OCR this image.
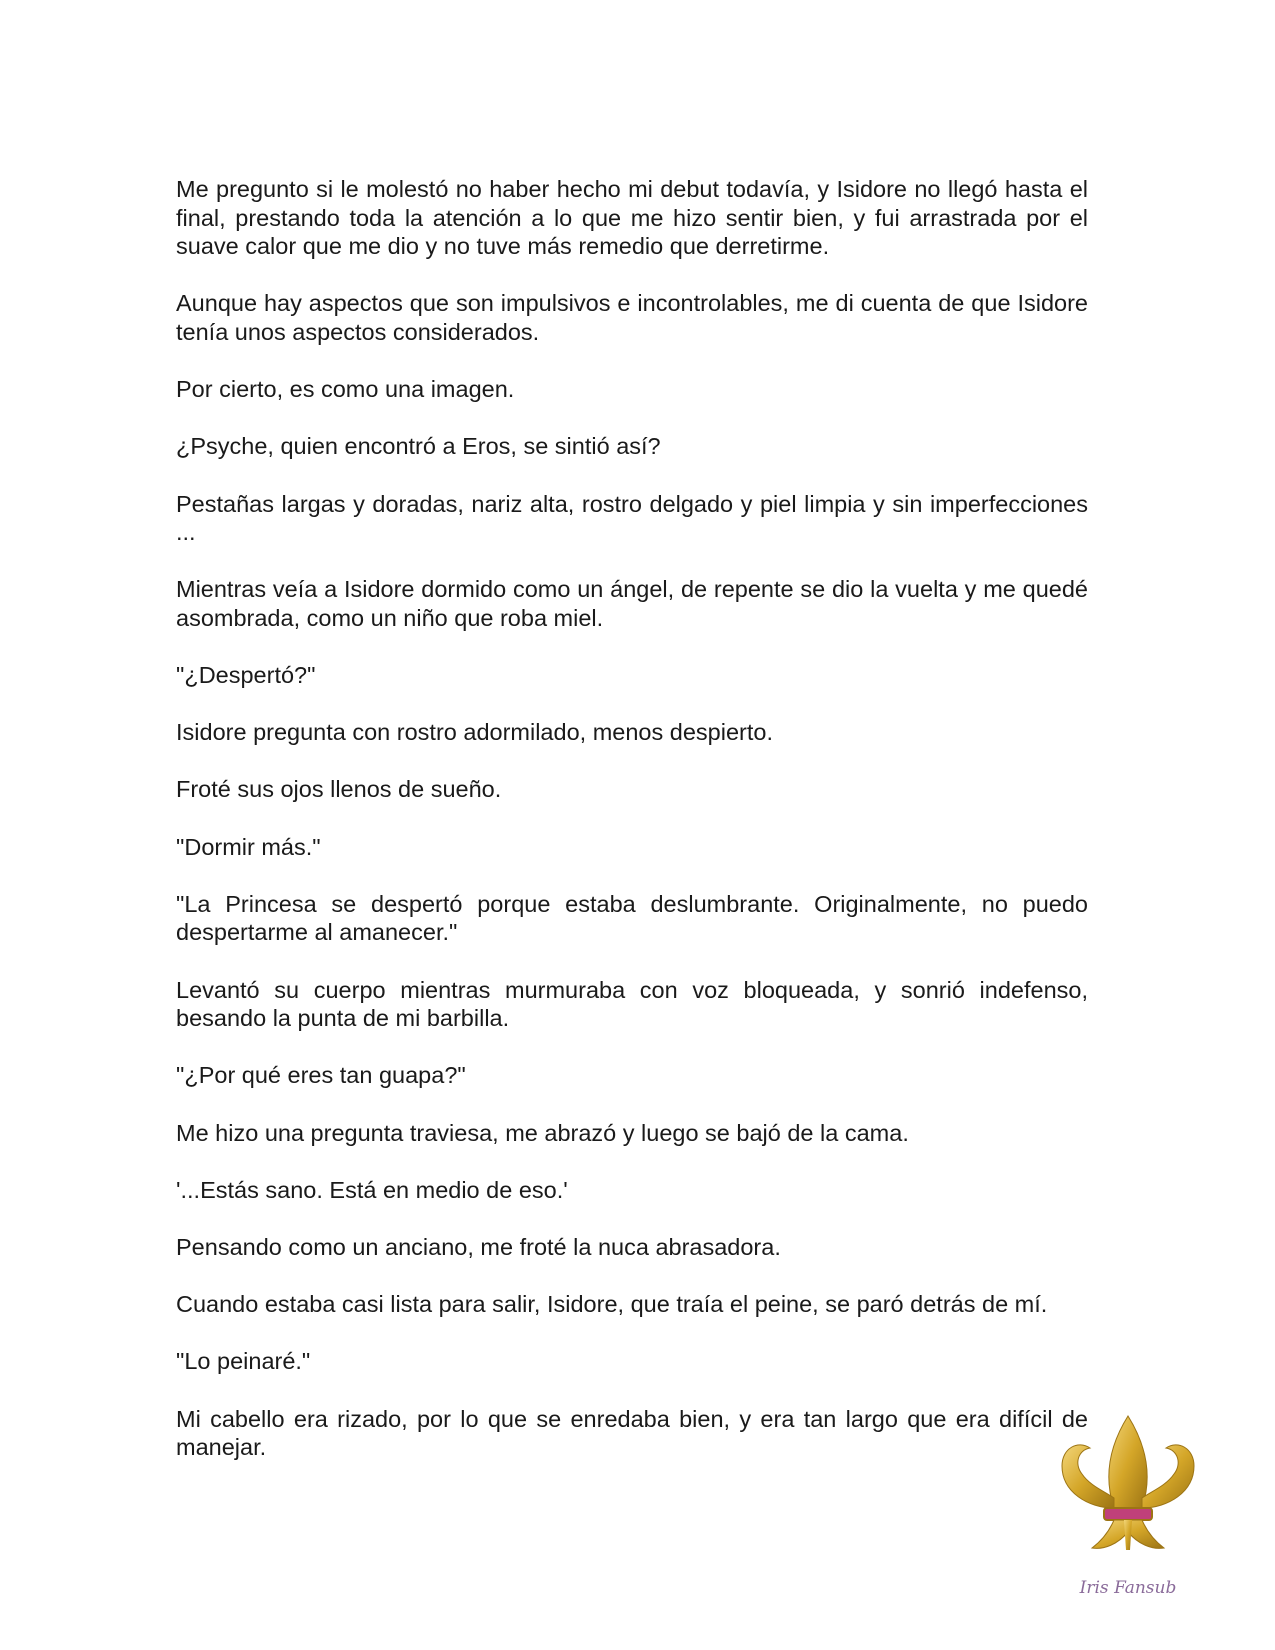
Me pregunto si le molestó no haber hecho mi debut todavía, y Isidore no llegó hasta el final, prestando toda la atención a lo que me hizo sentir bien, y fui arrastrada por el suave calor que me dio y no tuve más remedio que derretirme.

Aunque hay aspectos que son impulsivos e incontrolables, me di cuenta de que Isidore tenía unos aspectos considerados.

Por cierto, es como una imagen.

¿Psyche, quien encontró a Eros, se sintió así?

Pestañas largas y doradas, nariz alta, rostro delgado y piel limpia y sin imperfecciones ...

Mientras veía a Isidore dormido como un ángel, de repente se dio la vuelta y me quedé asombrada, como un niño que roba miel.

"¿Despertó?"

Isidore pregunta con rostro adormilado, menos despierto.

Froté sus ojos llenos de sueño.

"Dormir más."

"La Princesa se despertó porque estaba deslumbrante. Originalmente, no puedo despertarme al amanecer."

Levantó su cuerpo mientras murmuraba con voz bloqueada, y sonrió indefenso, besando la punta de mi barbilla.

"¿Por qué eres tan guapa?"

Me hizo una pregunta traviesa, me abrazó y luego se bajó de la cama.

'...Estás sano. Está en medio de eso.'

Pensando como un anciano, me froté la nuca abrasadora.

Cuando estaba casi lista para salir, Isidore, que traía el peine, se paró detrás de mí.

"Lo peinaré."

Mi cabello era rizado, por lo que se enredaba bien, y era tan largo que era difícil de manejar.

Iris Fansub
